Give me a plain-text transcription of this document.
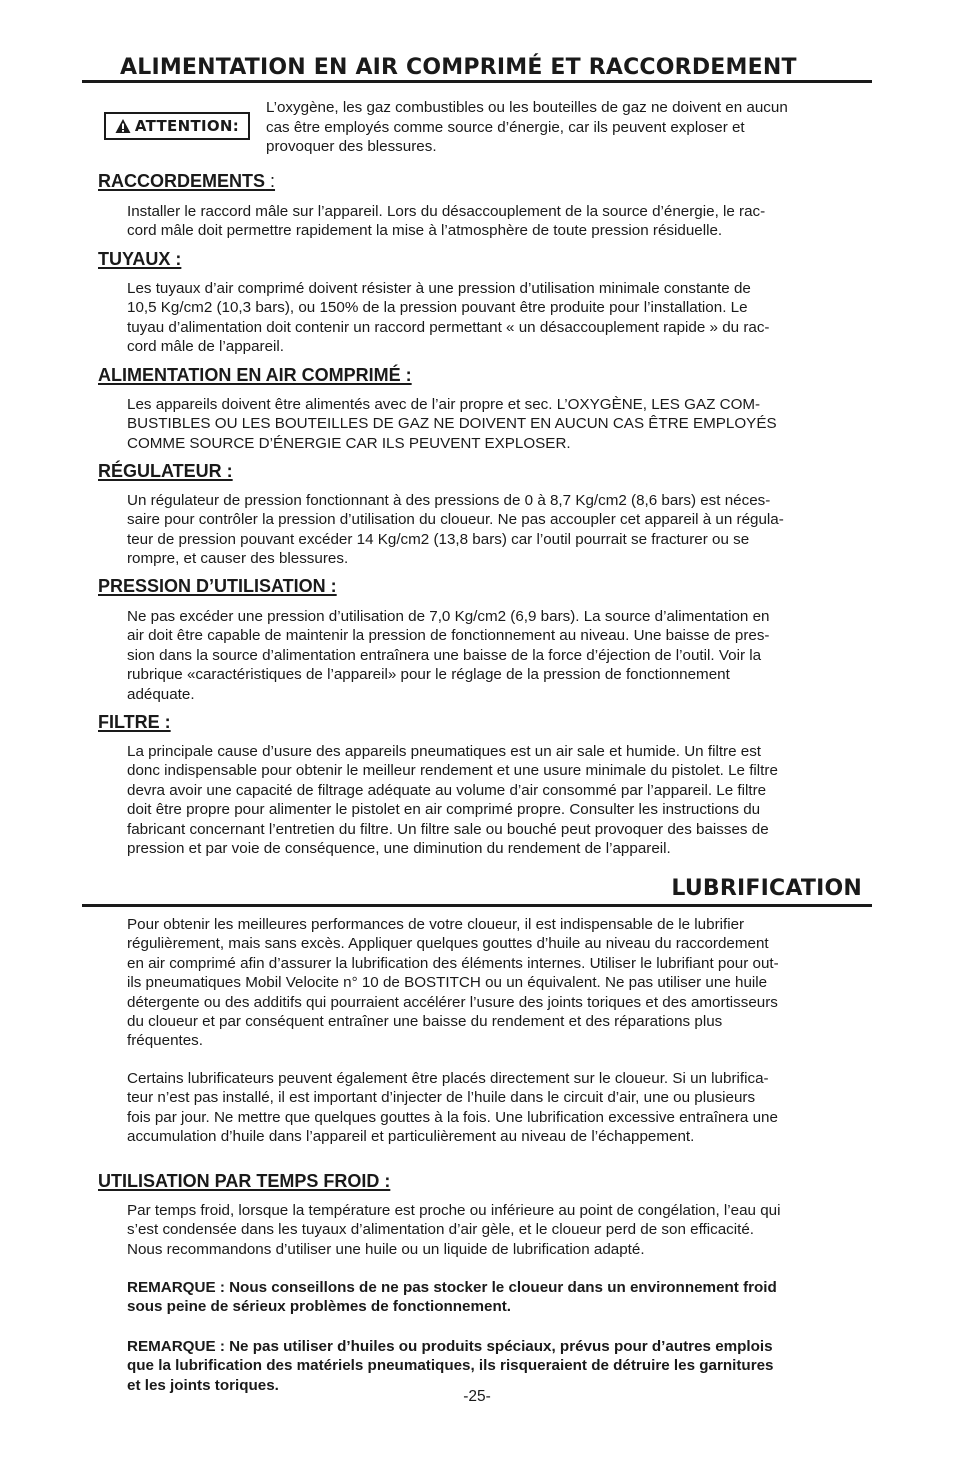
ALIMENTATION EN AIR COMPRIMÉ ET RACCORDEMENT
ATTENTION:
L’oxygène, les gaz combustibles ou les bouteilles de gaz ne doivent en aucun
cas être employés comme source d’énergie, car ils peuvent exploser et
provoquer des blessures.
RACCORDEMENTS :
Installer le raccord mâle sur l’appareil. Lors du désaccouplement de la source d’énergie, le rac-
cord mâle doit permettre rapidement la mise à l’atmosphère de toute pression résiduelle.
TUYAUX :
Les tuyaux d’air comprimé doivent résister à une pression d’utilisation minimale constante de
10,5 Kg/cm2 (10,3 bars), ou 150% de la pression pouvant être produite pour l’installation. Le
tuyau d’alimentation doit contenir un raccord permettant « un désaccouplement rapide » du rac-
cord mâle de l’appareil.
ALIMENTATION EN AIR COMPRIMÉ :
Les appareils doivent être alimentés avec de l’air propre et sec. L’OXYGÈNE, LES GAZ COM-
BUSTIBLES OU LES BOUTEILLES DE GAZ NE DOIVENT EN AUCUN CAS ÊTRE EMPLOYÉS
COMME SOURCE D’ÉNERGIE CAR ILS PEUVENT EXPLOSER.
RÉGULATEUR :
Un régulateur de pression fonctionnant à des pressions de 0 à 8,7 Kg/cm2 (8,6 bars) est néces-
saire pour contrôler la pression d’utilisation du cloueur. Ne pas accoupler cet appareil à un régula-
teur de pression pouvant excéder 14 Kg/cm2 (13,8 bars) car l’outil pourrait se fracturer ou se
rompre, et causer des blessures.
PRESSION D’UTILISATION :
Ne pas excéder une pression d’utilisation de 7,0 Kg/cm2 (6,9 bars). La source d’alimentation en
air doit être capable de maintenir la pression de fonctionnement au niveau. Une baisse de pres-
sion dans la source d’alimentation entraînera une baisse de la force d’éjection de l’outil. Voir la
rubrique «caractéristiques de l’appareil» pour le réglage de la pression de fonctionnement
adéquate.
FILTRE :
La principale cause d’usure des appareils pneumatiques est un air sale et humide. Un filtre est
donc indispensable pour obtenir le meilleur rendement et une usure minimale du pistolet. Le filtre
devra avoir une capacité de filtrage adéquate au volume d’air consommé par l’appareil. Le filtre
doit être propre pour alimenter le pistolet en air comprimé propre. Consulter les instructions du
fabricant concernant l’entretien du filtre. Un filtre sale ou bouché peut provoquer des baisses de
pression et par voie de conséquence, une diminution du rendement de l’appareil.
LUBRIFICATION
Pour obtenir les meilleures performances de votre cloueur, il est indispensable de le lubrifier
régulièrement, mais sans excès. Appliquer quelques gouttes d’huile au niveau du raccordement
en air comprimé afin d’assurer la lubrification des éléments internes. Utiliser le lubrifiant pour out-
ils pneumatiques Mobil Velocite n° 10 de BOSTITCH ou un équivalent. Ne pas utiliser une huile
détergente ou des additifs qui pourraient accélérer l’usure des joints toriques et des amortisseurs
du cloueur et par conséquent entraîner une baisse du rendement et des réparations plus
fréquentes.
Certains lubrificateurs peuvent également être placés directement sur le cloueur. Si un lubrifica-
teur n’est pas installé, il est important d’injecter de l’huile dans le circuit d’air, une ou plusieurs
fois par jour. Ne mettre que quelques gouttes à la fois. Une lubrification excessive entraînera une
accumulation d’huile dans l’appareil et particulièrement au niveau de l’échappement.
UTILISATION PAR TEMPS FROID :
Par temps froid, lorsque la température est proche ou inférieure au point de congélation, l’eau qui
s’est condensée dans les tuyaux d’alimentation d’air gèle, et le cloueur perd de son efficacité.
Nous recommandons d’utiliser une huile ou un liquide de lubrification adapté.
REMARQUE : Nous conseillons de ne pas stocker le cloueur dans un environnement froid
sous peine de sérieux problèmes de fonctionnement.
REMARQUE : Ne pas utiliser d’huiles ou produits spéciaux, prévus pour d’autres emplois
que la lubrification des matériels pneumatiques, ils risqueraient de détruire les garnitures
et les joints toriques.
-25-
